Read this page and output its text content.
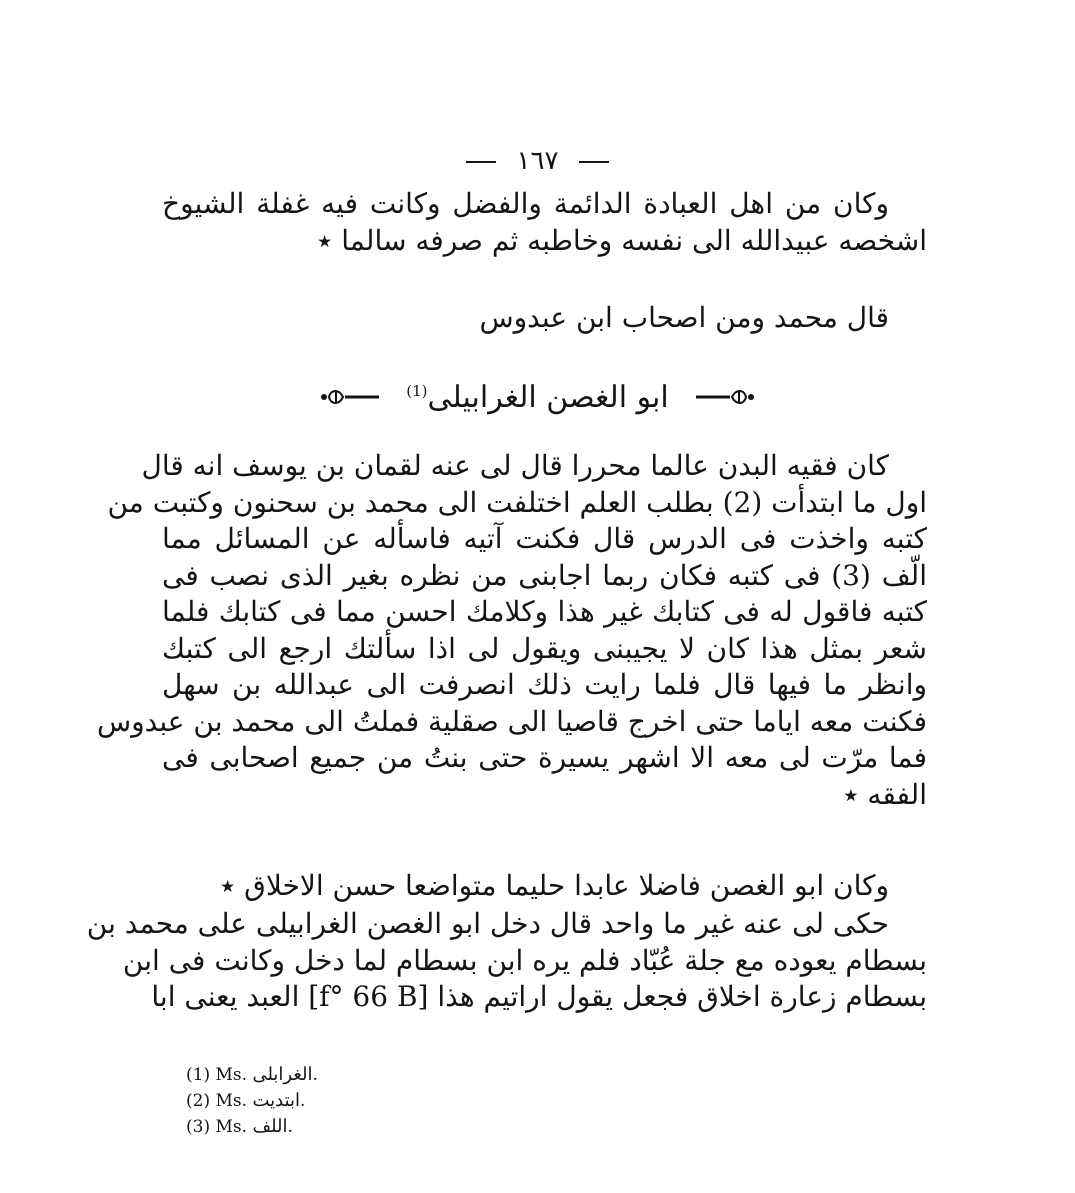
١٦٧
وكان من اهل العبادة الدائمة والفضل وكانت فيه غفلة الشيوخ
اشخصه عبيدالله الى نفسه وخاطبه ثم صرفه سالما ٭
قال محمد ومن اصحاب ابن عبدوس
ابو الغصن الغرابيلى$^{(1)}$
كان فقيه البدن عالما محررا قال لى عنه لقمان بن يوسف انه قال
اول ما ابتدأت (2) بطلب العلم اختلفت الى محمد بن سحنون وكتبت من
كتبه واخذت فى الدرس قال فكنت آتيه فاسأله عن المسائل مما
الّف (3) فى كتبه فكان ربما اجابنى من نظره بغير الذى نصب فى
كتبه فاقول له فى كتابك غير هذا وكلامك احسن مما فى كتابك فلما
شعر بمثل هذا كان لا يجيبنى ويقول لى اذا سألتك ارجع الى كتبك
وانظر ما فيها قال فلما رايت ذلك انصرفت الى عبدالله بن سهل
فكنت معه اياما حتى اخرج قاصيا الى صقلية فملتُ الى محمد بن عبدوس
فما مرّت لى معه الا اشهر يسيرة حتى بنتُ من جميع اصحابى فى
الفقه ٭
وكان ابو الغصن فاضلا عابدا حليما متواضعا حسن الاخلاق ٭
حكى لى عنه غير ما واحد قال دخل ابو الغصن الغرابيلى على محمد بن
بسطام يعوده مع جلة عُبّاد فلم يره ابن بسطام لما دخل وكانت فى ابن
بسطام زعارة اخلاق فجعل يقول اراتيم هذا [f° 66 B] العبد يعنى ابا
(1) Ms. الغرابلى.
(2) Ms. ابتديت.
(3) Ms. اللف.
